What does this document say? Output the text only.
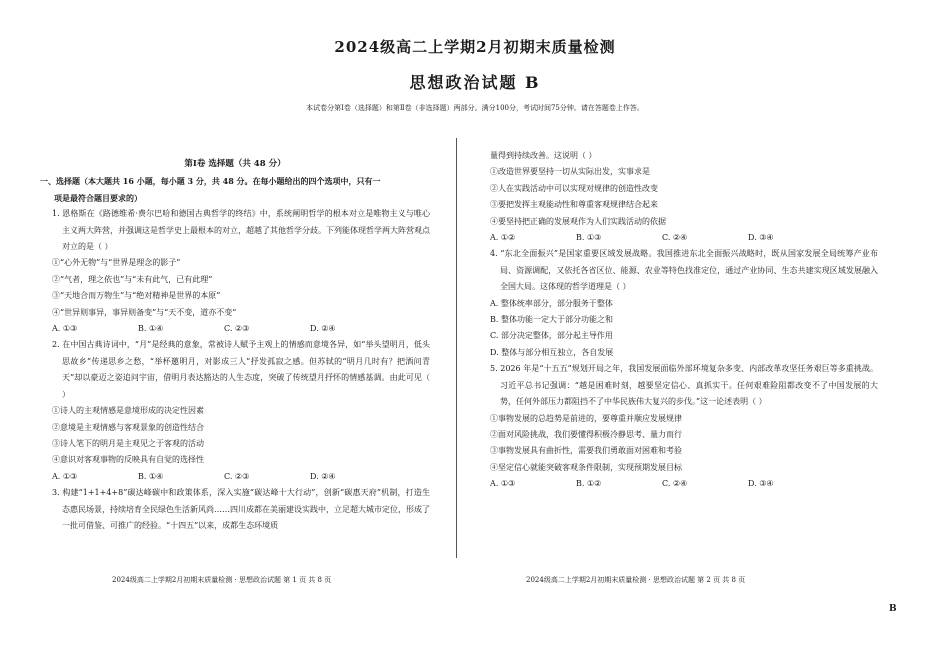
2024级高二上学期2月初期末质量检测
思想政治试题 B
本试卷分第Ⅰ卷（选择题）和第Ⅱ卷（非选择题）两部分。满分100分，考试时间75分钟。请在答题卷上作答。
第Ⅰ卷 选择题（共 48 分）
一、选择题（本大题共 16 小题，每小题 3 分，共 48 分。在每小题给出的四个选项中，只有一
项是最符合题目要求的）
1. 恩格斯在《路德维希·费尔巴哈和德国古典哲学的终结》中，系统阐明哲学的根本对立是唯物主义与唯心主义两大阵营，并强调这是哲学史上最根本的对立，超越了其他哲学分歧。下列能体现哲学两大阵营观点对立的是（ ）
①“心外无物”与“世界是理念的影子”
②“气者，理之依也”与“未有此气，已有此理”
③“天地合而万物生”与“绝对精神是世界的本原”
④“世异则事异，事异则备变”与“天不变，道亦不变”
A. ①③	B. ①④	C. ②③	D. ②④
2. 在中国古典诗词中，“月”是经典的意象，常被诗人赋予主观上的情感而意境各异，如“举头望明月，低头思故乡”传递思乡之愁，“举杯邀明月，对影成三人”抒发孤寂之感。但苏轼的“明月几时有？把酒问青天”却以豪迈之姿追问宇宙，借明月表达豁达的人生态度，突破了传统望月抒怀的情感基调。由此可见（ ）
①诗人的主观情感是意境形成的决定性因素
②意境是主观情感与客观景象的创造性结合
③诗人笔下的明月是主观见之于客观的活动
④意识对客观事物的反映具有自觉的选择性
A. ①③	B. ①④	C. ②③	D. ②④
3. 构建“1+1+4+8”碳达峰碳中和政策体系，深入实施“碳达峰十大行动”，创新“碳惠天府”机制，打造生态惠民场景，持续培育全民绿色生活新风尚……四川成都在美丽建设实践中，立足超大城市定位，形成了一批可借鉴、可推广的经验。“十四五”以来，成都生态环境质
量得到持续改善。这说明（ ）
①改造世界要坚持一切从实际出发，实事求是
②人在实践活动中可以实现对规律的创造性改变
③要把发挥主观能动性和尊重客观规律结合起来
④要坚持把正确的发展观作为人们实践活动的依据
A. ①②	B. ①③	C. ②④	D. ③④
4. “东北全面振兴”是国家重要区域发展战略。我国推进东北全面振兴战略时，既从国家发展全局统筹产业布局、资源调配，又依托各省区位、能源、农业等特色找准定位，通过产业协同、生态共建实现区域发展融入全国大局。这体现的哲学道理是（ ）
A. 整体统率部分，部分服务于整体
B. 整体功能一定大于部分功能之和
C. 部分决定整体，部分起主导作用
D. 整体与部分相互独立，各自发展
5. 2026 年是“十五五”规划开局之年，我国发展面临外部环境复杂多变、内部改革攻坚任务艰巨等多重挑战。习近平总书记强调：“越是困难时刻，越要坚定信心、真抓实干。任何艰难险阻都改变不了中国发展的大势，任何外部压力都阻挡不了中华民族伟大复兴的步伐。”这一论述表明（ ）
①事物发展的总趋势是前进的，要尊重并顺应发展规律
②面对风险挑战，我们要懂得积极冷静思考、量力而行
③事物发展具有曲折性，需要我们勇敢面对困难和考验
④坚定信心就能突破客观条件限制，实现预期发展目标
A. ①③	B. ①②	C. ②④	D. ③④
2024级高二上学期2月初期末质量检测 · 思想政治试题 第 1 页 共 8 页	2024级高二上学期2月初期末质量检测 · 思想政治试题 第 2 页 共 8 页
B
